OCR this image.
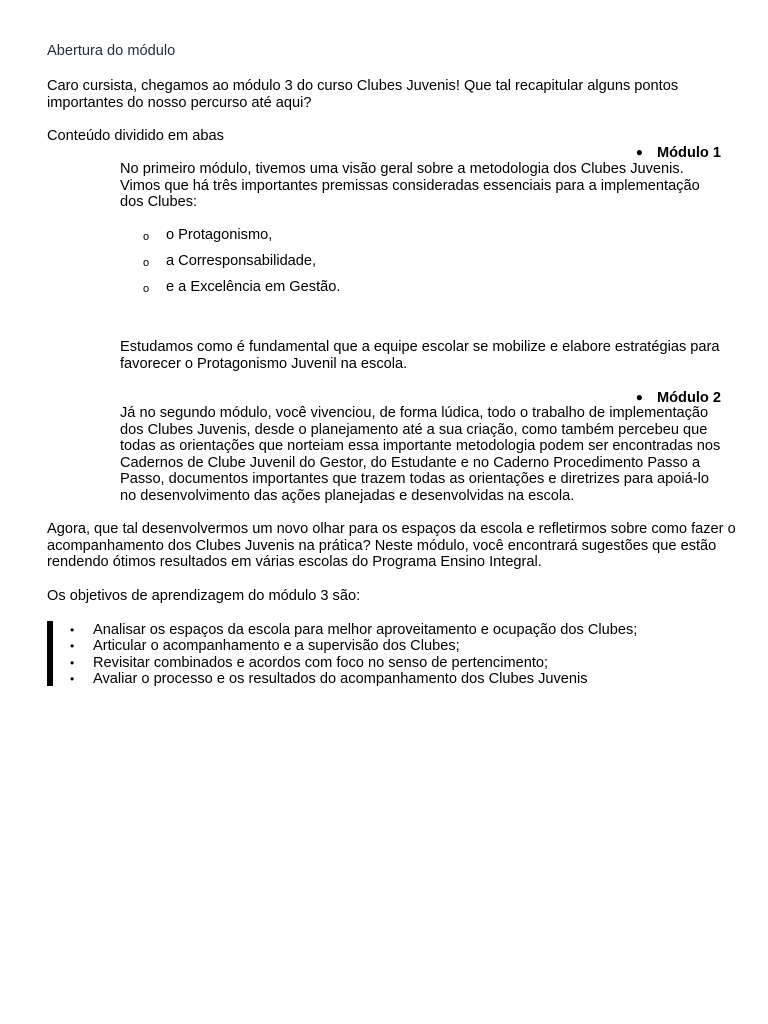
Abertura do módulo
Caro cursista, chegamos ao módulo 3 do curso Clubes Juvenis! Que tal recapitular alguns pontos importantes do nosso percurso até aqui?
Conteúdo dividido em abas
● Módulo 1
No primeiro módulo, tivemos uma visão geral sobre a metodologia dos Clubes Juvenis. Vimos que há três importantes premissas consideradas essenciais para a implementação dos Clubes:
o o Protagonismo,
o a Corresponsabilidade,
o e a Excelência em Gestão.
Estudamos como é fundamental que a equipe escolar se mobilize e elabore estratégias para favorecer o Protagonismo Juvenil na escola.
● Módulo 2
Já no segundo módulo, você vivenciou, de forma lúdica, todo o trabalho de implementação dos Clubes Juvenis, desde o planejamento até a sua criação, como também percebeu que todas as orientações que norteiam essa importante metodologia podem ser encontradas nos Cadernos de Clube Juvenil do Gestor, do Estudante e no Caderno Procedimento Passo a Passo, documentos importantes que trazem todas as orientações e diretrizes para apoiá-lo no desenvolvimento das ações planejadas e desenvolvidas na escola.
Agora, que tal desenvolvermos um novo olhar para os espaços da escola e refletirmos sobre como fazer o acompanhamento dos Clubes Juvenis na prática? Neste módulo, você encontrará sugestões que estão rendendo ótimos resultados em várias escolas do Programa Ensino Integral.
Os objetivos de aprendizagem do módulo 3 são:
• Analisar os espaços da escola para melhor aproveitamento e ocupação dos Clubes;
• Articular o acompanhamento e a supervisão dos Clubes;
• Revisitar combinados e acordos com foco no senso de pertencimento;
• Avaliar o processo e os resultados do acompanhamento dos Clubes Juvenis
